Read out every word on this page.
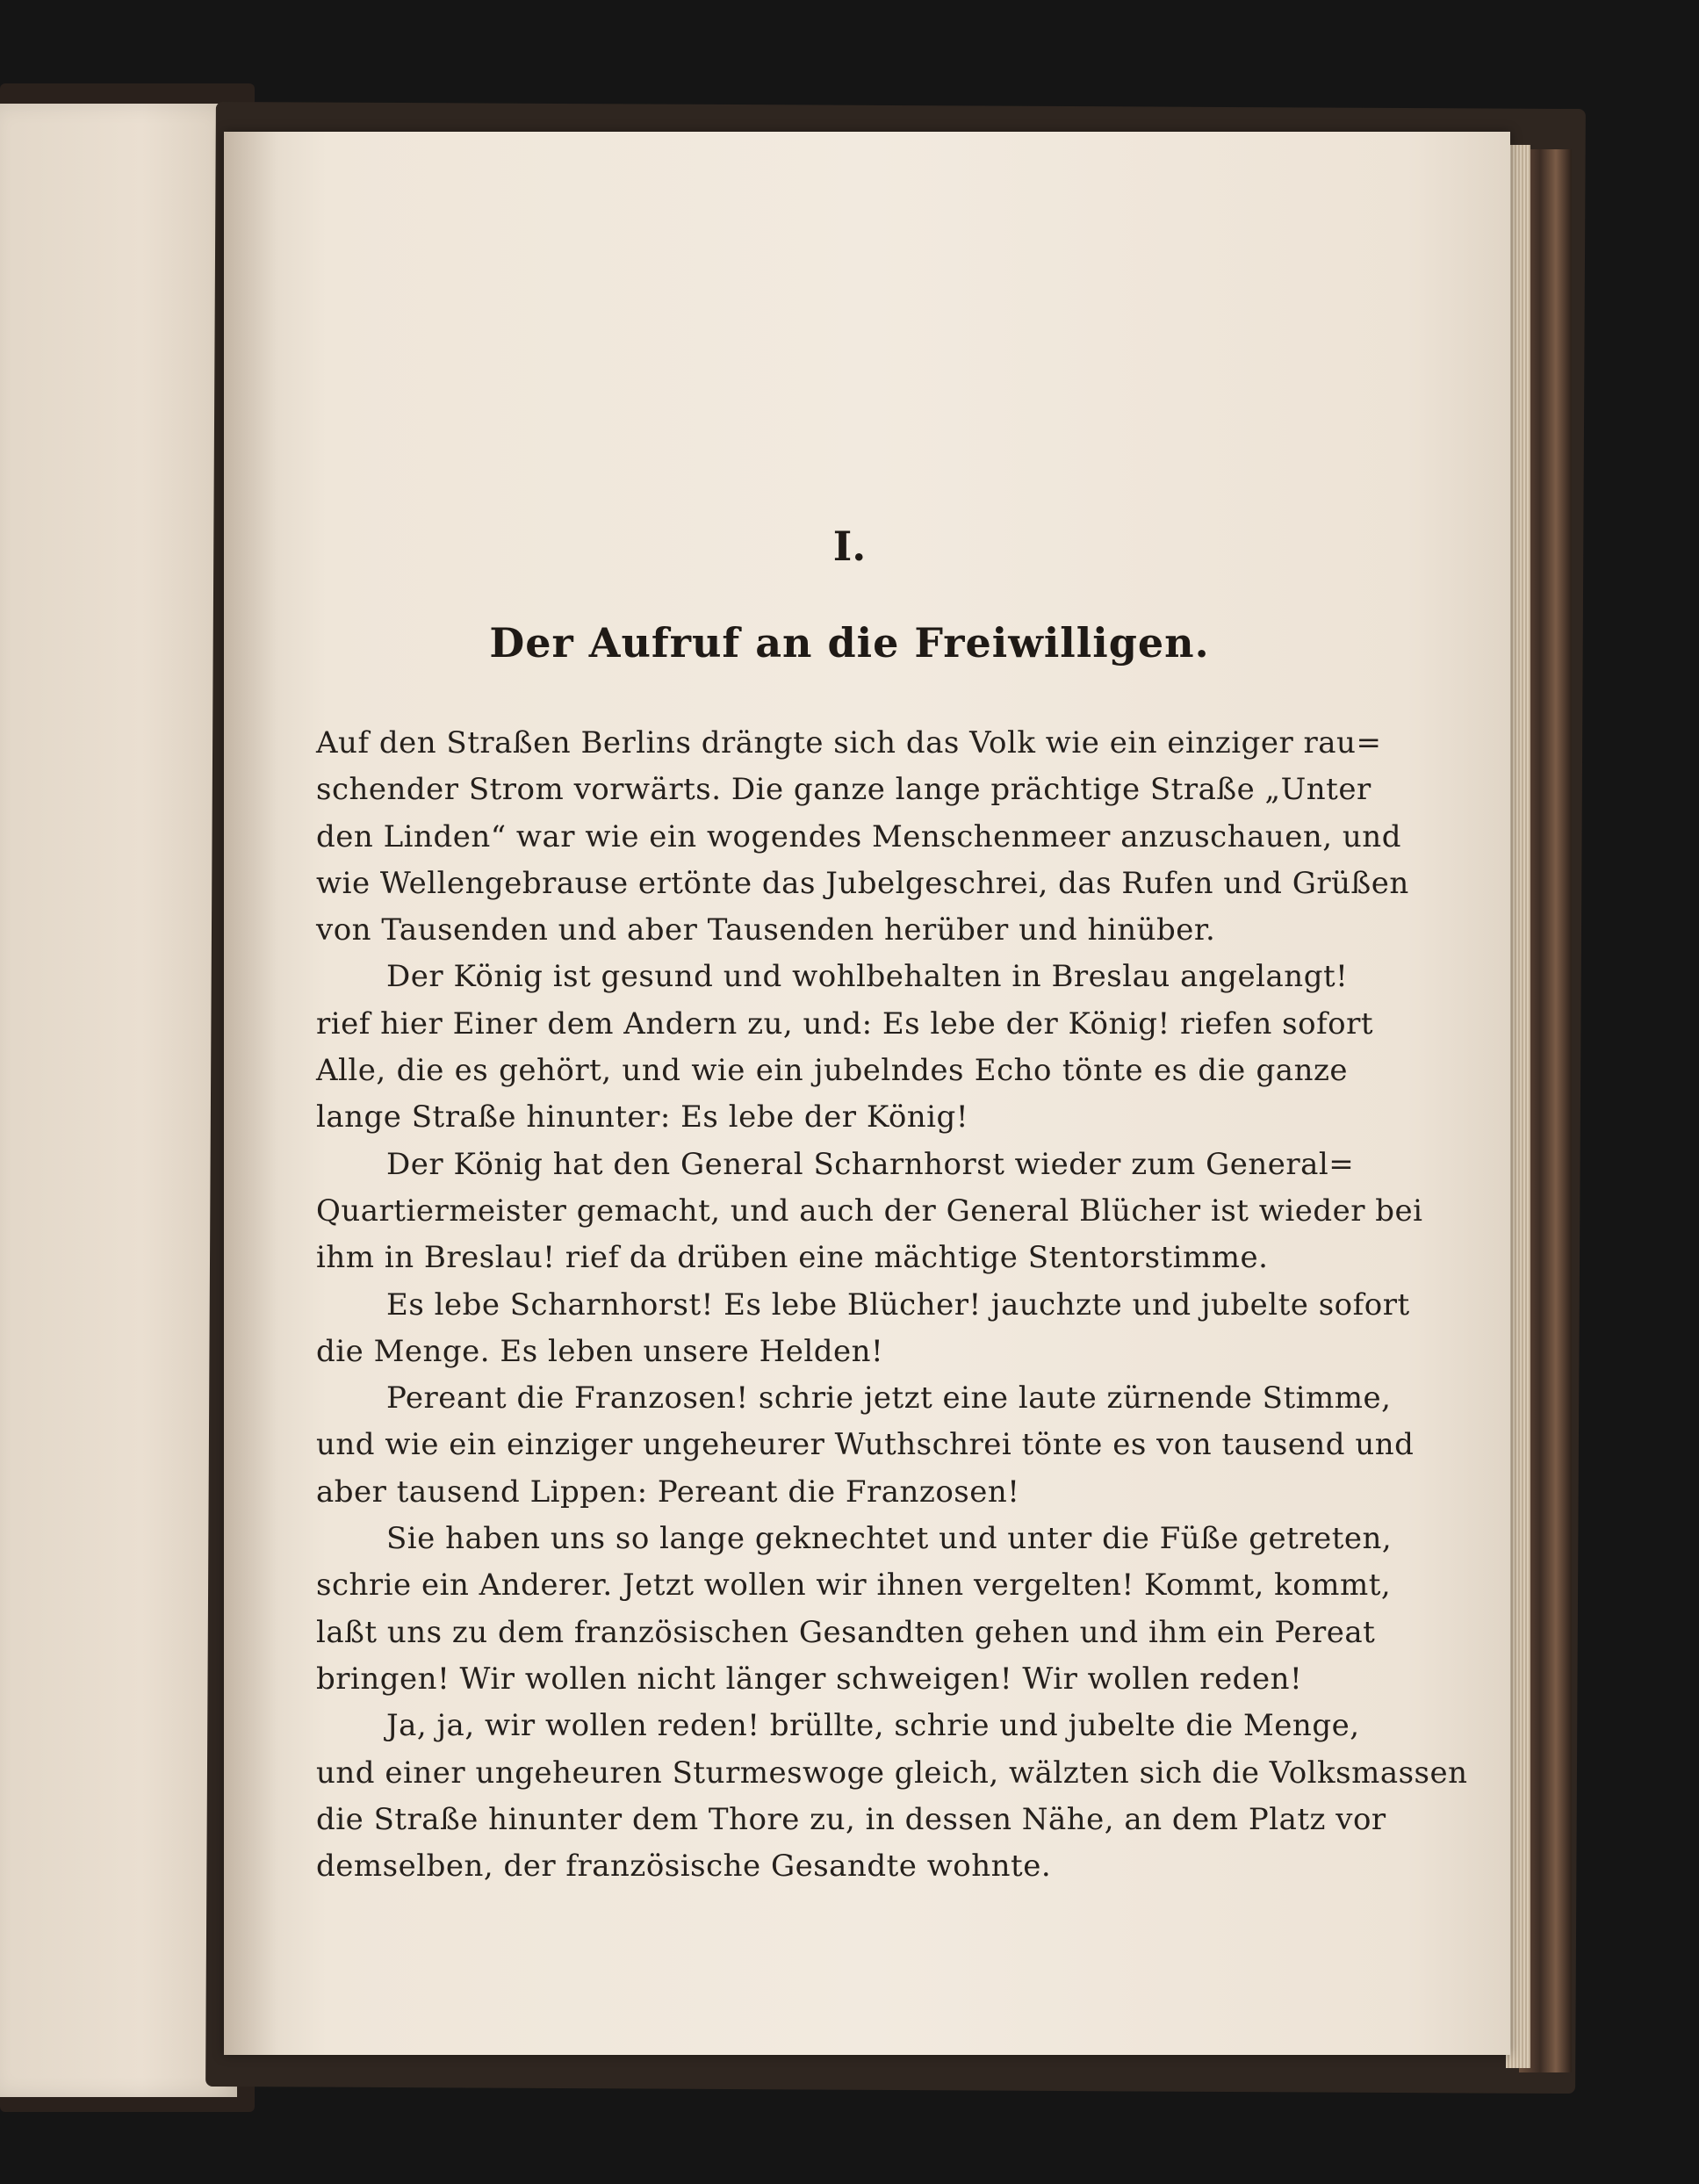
I.
Der Aufruf an die Freiwilligen.
Auf den Straßen Berlins drängte sich das Volk wie ein einziger rau=
schender Strom vorwärts. Die ganze lange prächtige Straße „Unter
den Linden“ war wie ein wogendes Menschenmeer anzuschauen, und
wie Wellengebrause ertönte das Jubelgeschrei, das Rufen und Grüßen
von Tausenden und aber Tausenden herüber und hinüber.
Der König ist gesund und wohlbehalten in Breslau angelangt!
rief hier Einer dem Andern zu, und: Es lebe der König! riefen sofort
Alle, die es gehört, und wie ein jubelndes Echo tönte es die ganze
lange Straße hinunter: Es lebe der König!
Der König hat den General Scharnhorst wieder zum General=
Quartiermeister gemacht, und auch der General Blücher ist wieder bei
ihm in Breslau! rief da drüben eine mächtige Stentorstimme.
Es lebe Scharnhorst! Es lebe Blücher! jauchzte und jubelte sofort
die Menge. Es leben unsere Helden!
Pereant die Franzosen! schrie jetzt eine laute zürnende Stimme,
und wie ein einziger ungeheurer Wuthschrei tönte es von tausend und
aber tausend Lippen: Pereant die Franzosen!
Sie haben uns so lange geknechtet und unter die Füße getreten,
schrie ein Anderer. Jetzt wollen wir ihnen vergelten! Kommt, kommt,
laßt uns zu dem französischen Gesandten gehen und ihm ein Pereat
bringen! Wir wollen nicht länger schweigen! Wir wollen reden!
Ja, ja, wir wollen reden! brüllte, schrie und jubelte die Menge,
und einer ungeheuren Sturmeswoge gleich, wälzten sich die Volksmassen
die Straße hinunter dem Thore zu, in dessen Nähe, an dem Platz vor
demselben, der französische Gesandte wohnte.
